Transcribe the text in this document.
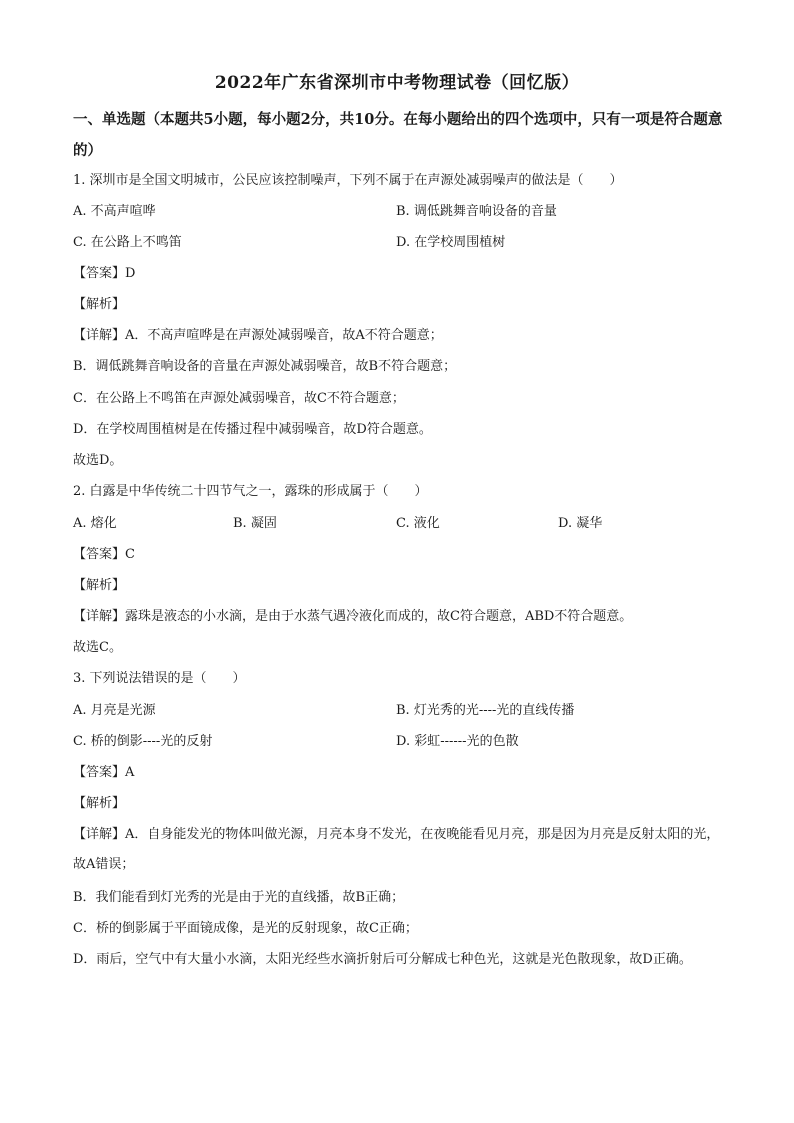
2022年广东省深圳市中考物理试卷（回忆版）
一、单选题（本题共5小题，每小题2分，共10分。在每小题给出的四个选项中，只有一项是符合题意的）
1. 深圳市是全国文明城市，公民应该控制噪声，下列不属于在声源处减弱噪声的做法是（　　）
A. 不高声喧哗	B. 调低跳舞音响设备的音量
C. 在公路上不鸣笛	D. 在学校周围植树
【答案】D
【解析】
【详解】A．不高声喧哗是在声源处减弱噪音，故A不符合题意；
B．调低跳舞音响设备的音量在声源处减弱噪音，故B不符合题意；
C．在公路上不鸣笛在声源处减弱噪音，故C不符合题意；
D．在学校周围植树是在传播过程中减弱噪音，故D符合题意。
故选D。
2. 白露是中华传统二十四节气之一，露珠的形成属于（　　）
A. 熔化	B. 凝固	C. 液化	D. 凝华
【答案】C
【解析】
【详解】露珠是液态的小水滴，是由于水蒸气遇冷液化而成的，故C符合题意，ABD不符合题意。
故选C。
3. 下列说法错误的是（　　）
A. 月亮是光源	B. 灯光秀的光----光的直线传播
C. 桥的倒影----光的反射	D. 彩虹------光的色散
【答案】A
【解析】
【详解】A．自身能发光的物体叫做光源，月亮本身不发光，在夜晚能看见月亮，那是因为月亮是反射太阳的光，故A错误；
B．我们能看到灯光秀的光是由于光的直线播，故B正确；
C．桥的倒影属于平面镜成像，是光的反射现象，故C正确；
D．雨后，空气中有大量小水滴，太阳光经些水滴折射后可分解成七种色光，这就是光色散现象，故D正确。
